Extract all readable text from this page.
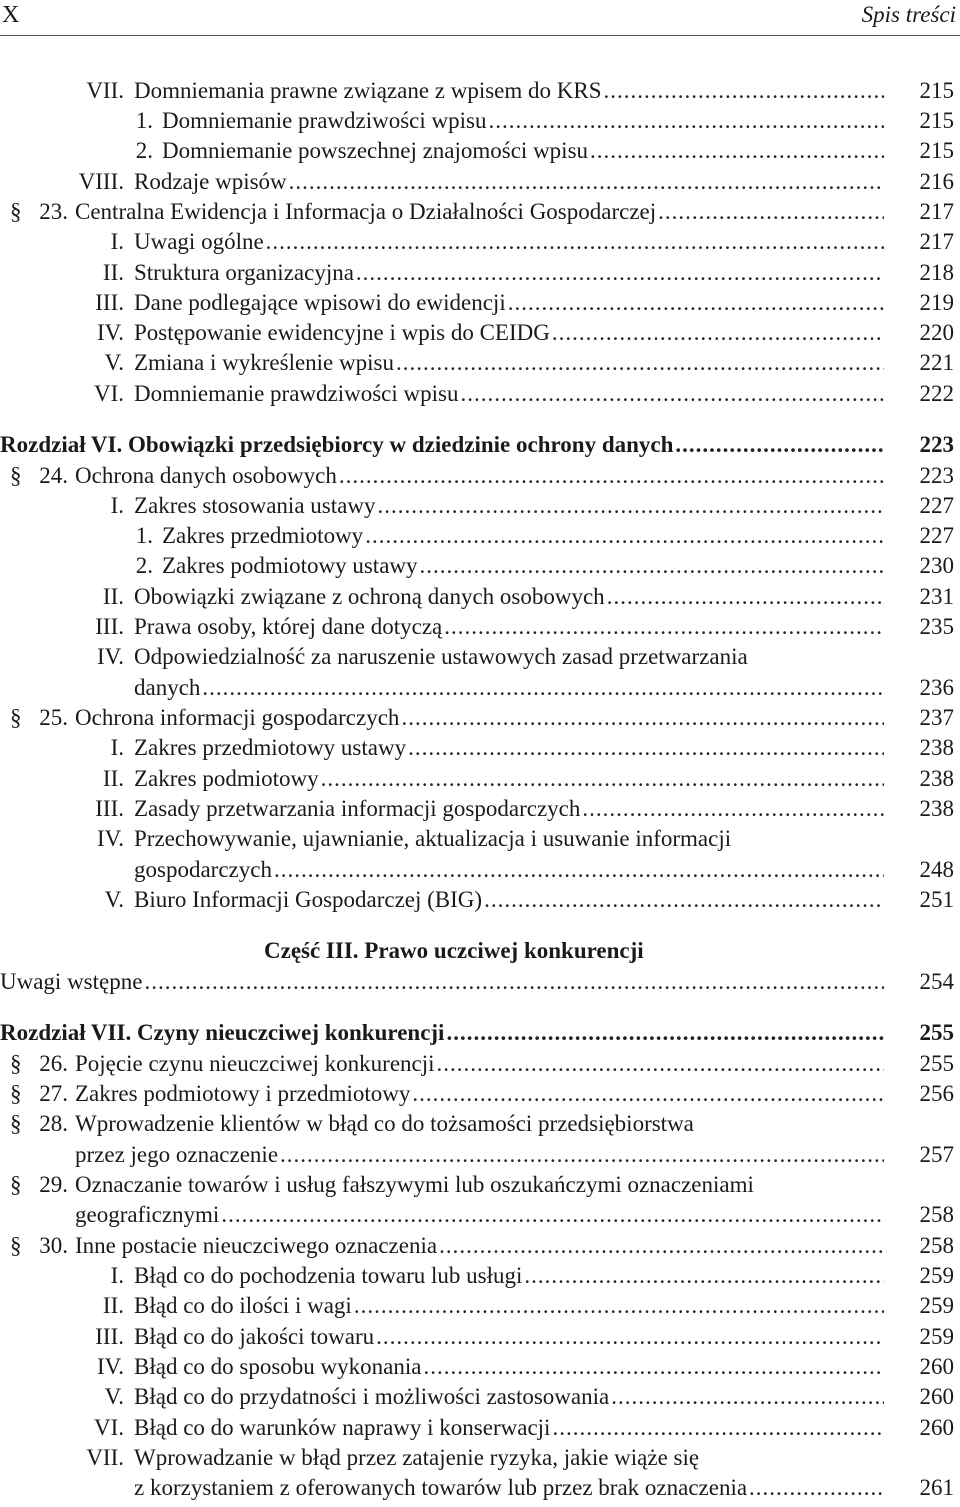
X	Spis treści
VII. Domniemania prawne związane z wpisem do KRS .....	215
1. Domniemanie prawdziwości wpisu .....	215
2. Domniemanie powszechnej znajomości wpisu .....	215
VIII. Rodzaje wpisów .....	216
§ 23. Centralna Ewidencja i Informacja o Działalności Gospodarczej .....	217
I. Uwagi ogólne .....	217
II. Struktura organizacyjna .....	218
III. Dane podlegające wpisowi do ewidencji .....	219
IV. Postępowanie ewidencyjne i wpis do CEIDG .....	220
V. Zmiana i wykreślenie wpisu .....	221
VI. Domniemanie prawdziwości wpisu .....	222
Rozdział VI. Obowiązki przedsiębiorcy w dziedzinie ochrony danych .....	223
§ 24. Ochrona danych osobowych .....	223
I. Zakres stosowania ustawy .....	227
1. Zakres przedmiotowy .....	227
2. Zakres podmiotowy ustawy .....	230
II. Obowiązki związane z ochroną danych osobowych .....	231
III. Prawa osoby, której dane dotyczą .....	235
IV. Odpowiedzialność za naruszenie ustawowych zasad przetwarzania
danych .....	236
§ 25. Ochrona informacji gospodarczych .....	237
I. Zakres przedmiotowy ustawy .....	238
II. Zakres podmiotowy .....	238
III. Zasady przetwarzania informacji gospodarczych .....	238
IV. Przechowywanie, ujawnianie, aktualizacja i usuwanie informacji
gospodarczych .....	248
V. Biuro Informacji Gospodarczej (BIG) .....	251
Część III. Prawo uczciwej konkurencji
Uwagi wstępne .....	254
Rozdział VII. Czyny nieuczciwej konkurencji .....	255
§ 26. Pojęcie czynu nieuczciwej konkurencji .....	255
§ 27. Zakres podmiotowy i przedmiotowy .....	256
§ 28. Wprowadzenie klientów w błąd co do tożsamości przedsiębiorstwa
przez jego oznaczenie .....	257
§ 29. Oznaczanie towarów i usług fałszywymi lub oszukańczymi oznaczeniami
geograficznymi .....	258
§ 30. Inne postacie nieuczciwego oznaczenia .....	258
I. Błąd co do pochodzenia towaru lub usługi .....	259
II. Błąd co do ilości i wagi .....	259
III. Błąd co do jakości towaru .....	259
IV. Błąd co do sposobu wykonania .....	260
V. Błąd co do przydatności i możliwości zastosowania .....	260
VI. Błąd co do warunków naprawy i konserwacji .....	260
VII. Wprowadzanie w błąd przez zatajenie ryzyka, jakie wiąże się
z korzystaniem z oferowanych towarów lub przez brak oznaczenia .....	261
